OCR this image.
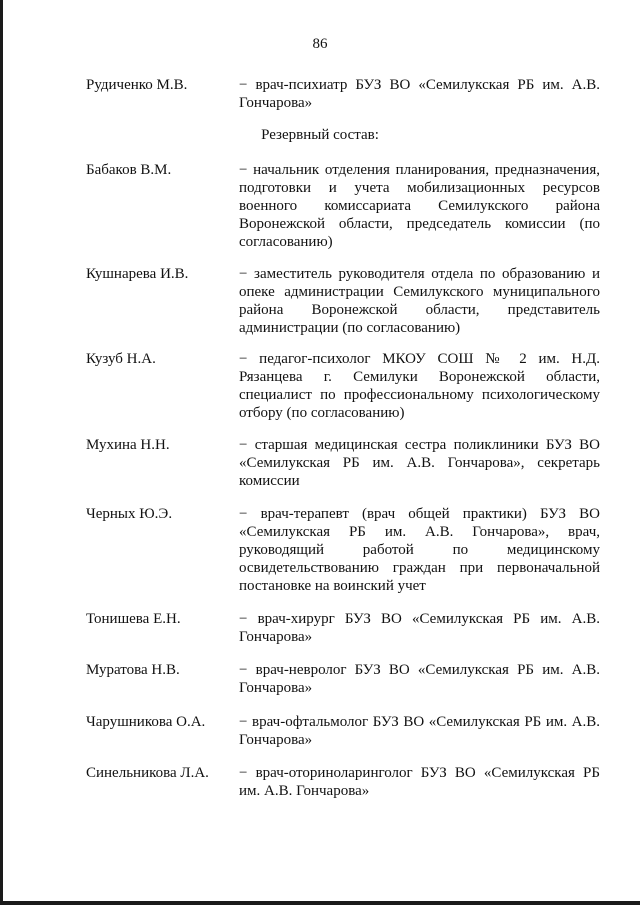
86
Рудиченко М.В.	− врач-психиатр БУЗ ВО «Семилукская РБ им. А.В. Гончарова»
Резервный состав:
Бабаков В.М.	− начальник отделения планирования, предназначения, подготовки и учета мобилизационных ресурсов военного комиссариата Семилукского района Воронежской области, председатель комиссии (по согласованию)
Кушнарева И.В.	− заместитель руководителя отдела по образованию и опеке администрации Семилукского муниципального района Воронежской области, представитель администрации (по согласованию)
Кузуб Н.А.	− педагог-психолог МКОУ СОШ № 2 им. Н.Д. Рязанцева г. Семилуки Воронежской области, специалист по профессиональному психологическому отбору (по согласованию)
Мухина Н.Н.	− старшая медицинская сестра поликлиники БУЗ ВО «Семилукская РБ им. А.В. Гончарова», секретарь комиссии
Черных Ю.Э.	− врач-терапевт (врач общей практики) БУЗ ВО «Семилукская РБ им. А.В. Гончарова», врач, руководящий работой по медицинскому освидетельствованию граждан при первоначальной постановке на воинский учет
Тонишева Е.Н.	− врач-хирург БУЗ ВО «Семилукская РБ им. А.В. Гончарова»
Муратова Н.В.	− врач-невролог БУЗ ВО «Семилукская РБ им. А.В. Гончарова»
Чарушникова О.А.	− врач-офтальмолог БУЗ ВО «Семилукская РБ им. А.В. Гончарова»
Синельникова Л.А.	− врач-оториноларинголог БУЗ ВО «Семилукская РБ им. А.В. Гончарова»
